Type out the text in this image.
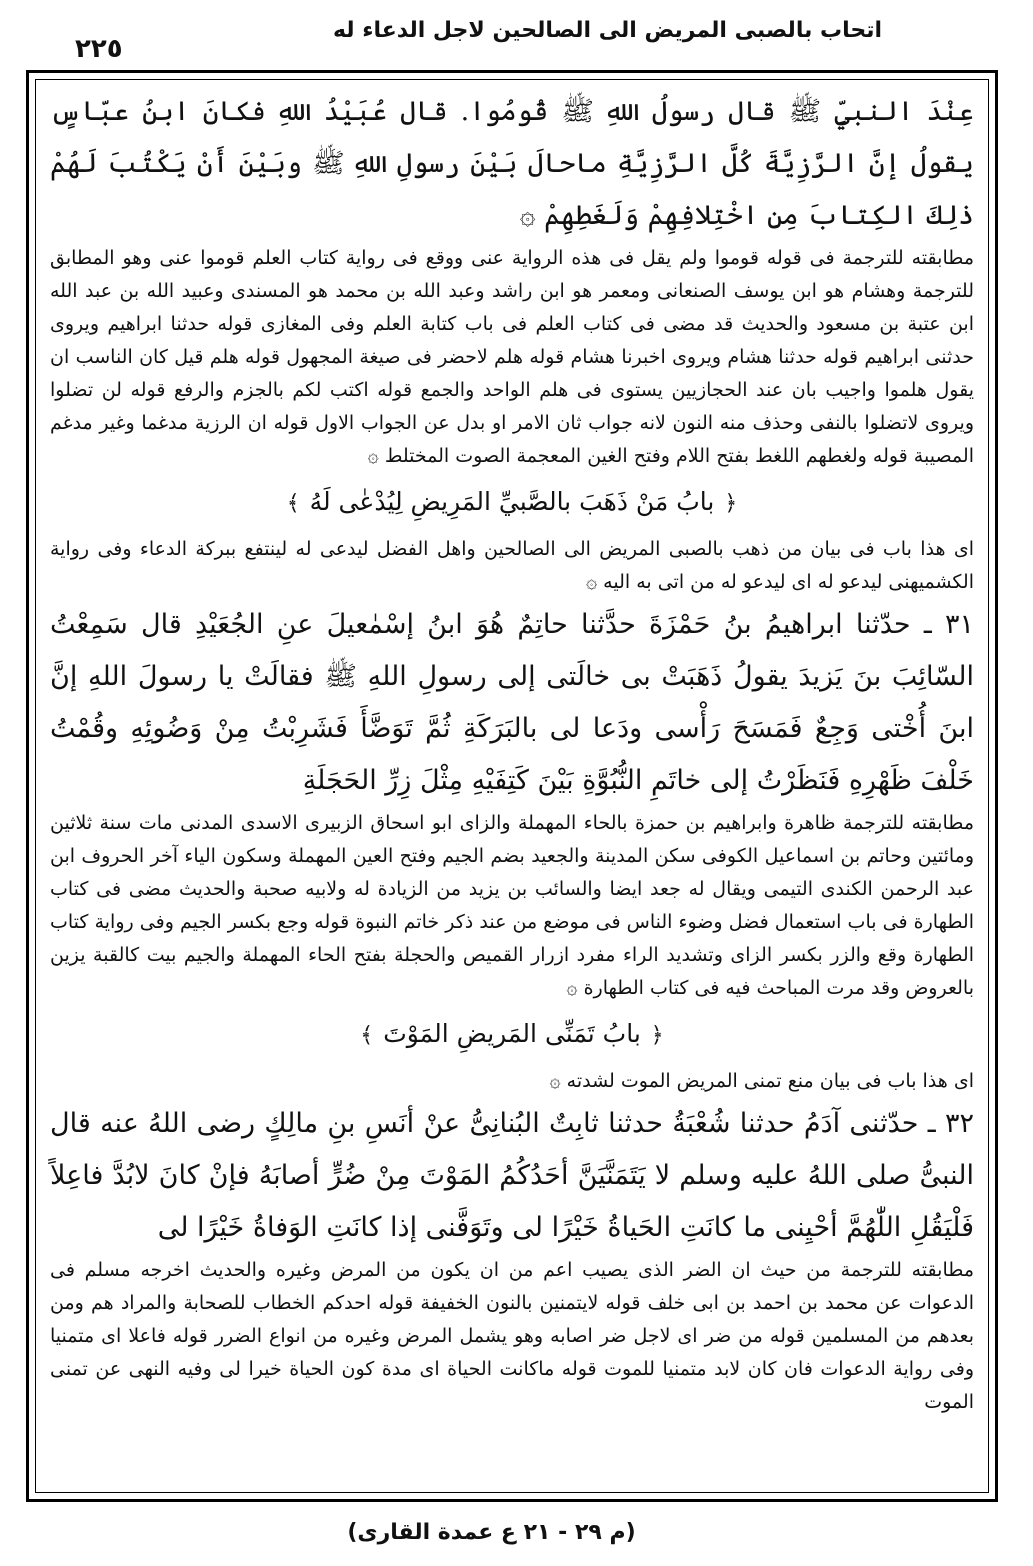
٢٢٥
اتحاب بالصبى المريض الى الصالحين لاجل الدعاء له

عِنْدَ النبيِّ ﷺ قال رسولُ اللهِ ﷺ قُومُوا. قال عُبَيْدُ اللهِ فكانَ ابنُ عبّاسٍ يقولُ إنَّ الرَّزِيَّةَ كُلَّ الرَّزِيَّةِ ماحالَ بَيْنَ رسولِ اللهِ ﷺ وبَيْنَ أَنْ يَكْتُبَ لَهُمْ ذٰلِكَ الكِتابَ مِنِ اخْتِلافِهِمْ وَلَغَطِهِمْ ۞

مطابقته للترجمة فى قوله قوموا ولم يقل فى هذه الرواية عنى ووقع فى رواية كتاب العلم قوموا عنى وهو المطابق للترجمة وهشام هو ابن يوسف الصنعانى ومعمر هو ابن راشد وعبد الله بن محمد هو المسندى وعبيد الله بن عبد الله ابن عتبة بن مسعود والحديث قد مضى فى كتاب العلم فى باب كتابة العلم وفى المغازى قوله حدثنا ابراهيم ويروى حدثنى ابراهيم قوله حدثنا هشام ويروى اخبرنا هشام قوله هلم لاحضر فى صيغة المجهول قوله هلم قيل كان الناسب ان يقول هلموا واجيب بان عند الحجازيين يستوى فى هلم الواحد والجمع قوله اكتب لكم بالجزم والرفع قوله لن تضلوا ويروى لاتضلوا بالنفى وحذف منه النون لانه جواب ثان الامر او بدل عن الجواب الاول قوله ان الرزية مدغما وغير مدغم المصيبة قوله ولغطهم اللغط بفتح اللام وفتح الغين المعجمة الصوت المختلط ۞

﴿بابُ مَنْ ذَهَبَ بالصَّبيِّ المَرِيضِ لِيُدْعٰى لَهُ﴾

اى هذا باب فى بيان من ذهب بالصبى المريض الى الصالحين واهل الفضل ليدعى له لينتفع ببركة الدعاء وفى رواية الكشميهنى ليدعو له اى ليدعو له من اتى به اليه ۞

٣١ ـ حدّثنا ابراهيمُ بنُ حَمْزَةَ حدَّثنا حاتِمٌ هُوَ ابنُ إسْمٰعيلَ عنِ الجُعَيْدِ قال سَمِعْتُ السّائِبَ بنَ يَزيدَ يقولُ ذَهَبَتْ بى خالَتى إلى رسولِ اللهِ ﷺ فقالَتْ يا رسولَ اللهِ إنَّ ابنَ أُخْتى وَجِعٌ فَمَسَحَ رَأْسى ودَعا لى بالبَرَكَةِ ثُمَّ تَوَضَّأَ فَشَرِبْتُ مِنْ وَضُوئِهِ وقُمْتُ خَلْفَ ظَهْرِهِ فَنَظَرْتُ إلى خاتَمِ النُّبُوَّةِ بَيْنَ كَتِفَيْهِ مِثْلَ زِرِّ الحَجَلَةِ

مطابقته للترجمة ظاهرة وابراهيم بن حمزة بالحاء المهملة والزاى ابو اسحاق الزبيرى الاسدى المدنى مات سنة ثلاثين ومائتين وحاتم بن اسماعيل الكوفى سكن المدينة والجعيد بضم الجيم وفتح العين المهملة وسكون الياء آخر الحروف ابن عبد الرحمن الكندى التيمى ويقال له جعد ايضا والسائب بن يزيد من الزيادة له ولابيه صحبة والحديث مضى فى كتاب الطهارة فى باب استعمال فضل وضوء الناس فى موضع من عند ذكر خاتم النبوة قوله وجع بكسر الجيم وفى رواية كتاب الطهارة وقع والزر بكسر الزاى وتشديد الراء مفرد ازرار القميص والحجلة بفتح الحاء المهملة والجيم بيت كالقبة يزين بالعروض وقد مرت المباحث فيه فى كتاب الطهارة ۞

﴿بابُ تَمَنِّى المَريضِ المَوْتَ﴾

اى هذا باب فى بيان منع تمنى المريض الموت لشدته ۞

٣٢ ـ حدّثنى آدَمُ حدثنا شُعْبَةُ حدثنا ثابِتٌ البُنانِىُّ عنْ أنَسِ بنِ مالِكٍ رضى اللهُ عنه قال النبىُّ صلى اللهُ عليه وسلم لا يَتَمَنَّيَنَّ أحَدُكُمُ المَوْتَ مِنْ ضُرٍّ أصابَهُ فإنْ كانَ لابُدَّ فاعِلاً فَلْيَقُلِ اللّٰهُمَّ أحْيِنى ما كانَتِ الحَياةُ خَيْرًا لى وتَوَفَّنى إذا كانَتِ الوَفاةُ خَيْرًا لى

مطابقته للترجمة من حيث ان الضر الذى يصيب اعم من ان يكون من المرض وغيره والحديث اخرجه مسلم فى الدعوات عن محمد بن احمد بن ابى خلف قوله لايتمنين بالنون الخفيفة قوله احدكم الخطاب للصحابة والمراد هم ومن بعدهم من المسلمين قوله من ضر اى لاجل ضر اصابه وهو يشمل المرض وغيره من انواع الضرر قوله فاعلا اى متمنيا وفى رواية الدعوات فان كان لابد متمنيا للموت قوله ماكانت الحياة اى مدة كون الحياة خيرا لى وفيه النهى عن تمنى الموت

(م ٢٩ - ٢١ ع عمدة القارى)
